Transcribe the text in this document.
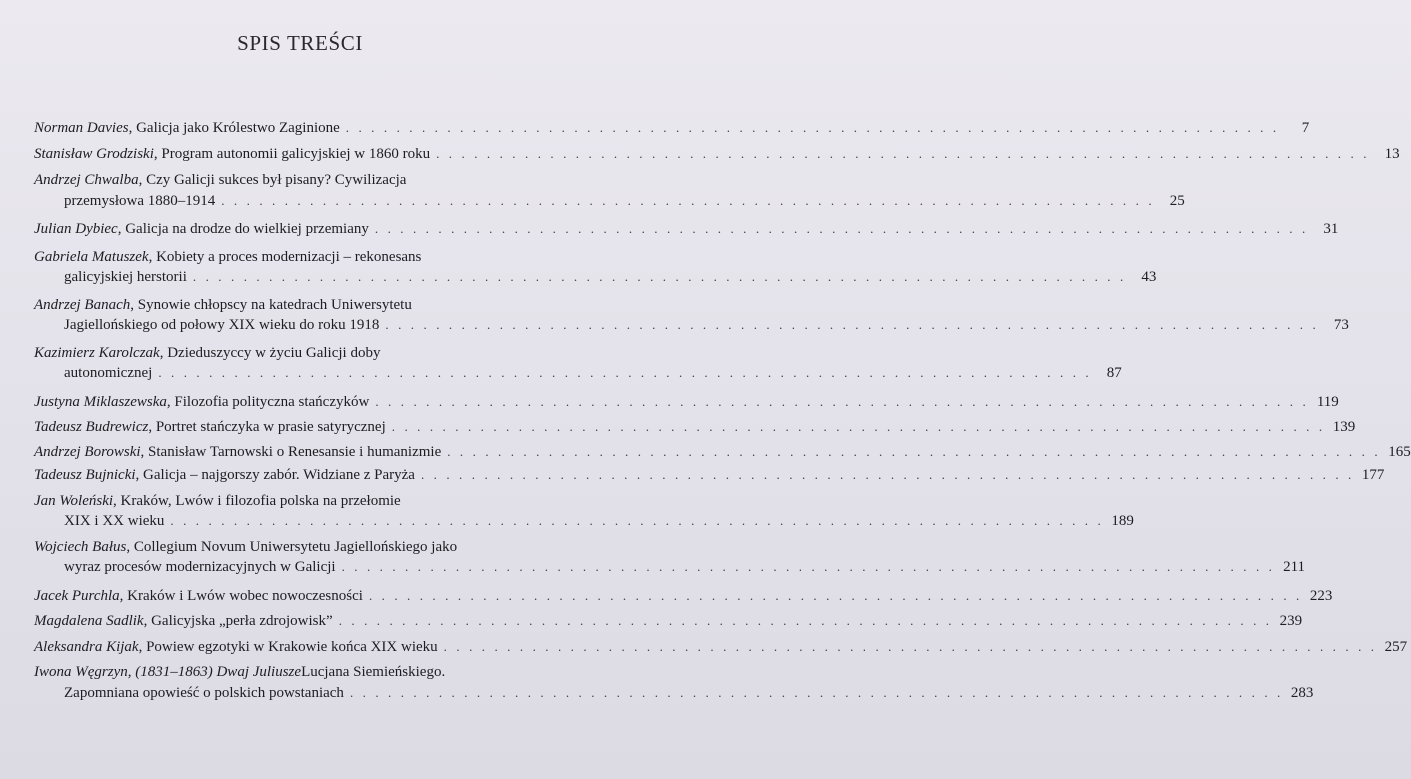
SPIS TREŚCI
Norman Davies , Galicja jako Królestwo Zaginione . . . . . . . . . . . . . . . . . . . . . . . . . . . . . . . . . . . . . . . . . . . . . . . . . . . . . . . . . . . . . . . . . . . . . . . . . .	7
Stanisław Grodziski , Program autonomii galicyjskiej w 1860 roku . . . . . . . . . . . . . . . . . . . . . . . . . . . . . . . . . . . . . . . . . . . . . . . . . . . . . . . . . . . . . . . . . . . . . . . . . .	13
Andrzej Chwalba , Czy Galicji sukces był pisany? Cywilizacja
przemysłowa 1880–1914 . . . . . . . . . . . . . . . . . . . . . . . . . . . . . . . . . . . . . . . . . . . . . . . . . . . . . . . . . . . . . . . . . . . . . . . . . .	25
Julian Dybiec , Galicja na drodze do wielkiej przemiany . . . . . . . . . . . . . . . . . . . . . . . . . . . . . . . . . . . . . . . . . . . . . . . . . . . . . . . . . . . . . . . . . . . . . . . . . .	31
Gabriela Matuszek , Kobiety a proces modernizacji – rekonesans
galicyjskiej herstorii . . . . . . . . . . . . . . . . . . . . . . . . . . . . . . . . . . . . . . . . . . . . . . . . . . . . . . . . . . . . . . . . . . . . . . . . . .	43
Andrzej Banach , Synowie chłopscy na katedrach Uniwersytetu
Jagiellońskiego od połowy XIX wieku do roku 1918 . . . . . . . . . . . . . . . . . . . . . . . . . . . . . . . . . . . . . . . . . . . . . . . . . . . . . . . . . . . . . . . . . . . . . . . . . .	73
Kazimierz Karolczak , Dzieduszyccy w życiu Galicji doby
autonomicznej . . . . . . . . . . . . . . . . . . . . . . . . . . . . . . . . . . . . . . . . . . . . . . . . . . . . . . . . . . . . . . . . . . . . . . . . . .	87
Justyna Miklaszewska , Filozofia polityczna stańczyków . . . . . . . . . . . . . . . . . . . . . . . . . . . . . . . . . . . . . . . . . . . . . . . . . . . . . . . . . . . . . . . . . . . . . . . . . . 119
Tadeusz Budrewicz , Portret stańczyka w prasie satyrycznej . . . . . . . . . . . . . . . . . . . . . . . . . . . . . . . . . . . . . . . . . . . . . . . . . . . . . . . . . . . . . . . . . . . . . . . . . . 139
Andrzej Borowski , Stanisław Tarnowski o Renesansie i humanizmie . . . . . . . . . . . . . . . . . . . . . . . . . . . . . . . . . . . . . . . . . . . . . . . . . . . . . . . . . . . . . . . . . . . . . . . . . . 165
Tadeusz Bujnicki , Galicja – najgorszy zabór. Widziane z Paryża . . . . . . . . . . . . . . . . . . . . . . . . . . . . . . . . . . . . . . . . . . . . . . . . . . . . . . . . . . . . . . . . . . . . . . . . . . 177
Jan Woleński , Kraków, Lwów i filozofia polska na przełomie
XIX i XX wieku . . . . . . . . . . . . . . . . . . . . . . . . . . . . . . . . . . . . . . . . . . . . . . . . . . . . . . . . . . . . . . . . . . . . . . . . . . 189
Wojciech Bałus , Collegium Novum Uniwersytetu Jagiellońskiego jako
wyraz procesów modernizacyjnych w Galicji . . . . . . . . . . . . . . . . . . . . . . . . . . . . . . . . . . . . . . . . . . . . . . . . . . . . . . . . . . . . . . . . . . . . . . . . . . 211
Jacek Purchla , Kraków i Lwów wobec nowoczesności . . . . . . . . . . . . . . . . . . . . . . . . . . . . . . . . . . . . . . . . . . . . . . . . . . . . . . . . . . . . . . . . . . . . . . . . . . 223
Magdalena Sadlik , Galicyjska „perła zdrojowisk” . . . . . . . . . . . . . . . . . . . . . . . . . . . . . . . . . . . . . . . . . . . . . . . . . . . . . . . . . . . . . . . . . . . . . . . . . . 239
Aleksandra Kijak , Powiew egzotyki w Krakowie końca XIX wieku . . . . . . . . . . . . . . . . . . . . . . . . . . . . . . . . . . . . . . . . . . . . . . . . . . . . . . . . . . . . . . . . . . . . . . . . . . 257
Iwona Węgrzyn, (1831–1863) Dwaj Juliusze Lucjana Siemieńskiego.
Zapomniana opowieść o polskich powstaniach . . . . . . . . . . . . . . . . . . . . . . . . . . . . . . . . . . . . . . . . . . . . . . . . . . . . . . . . . . . . . . . . . . . . . . . . . . 283
